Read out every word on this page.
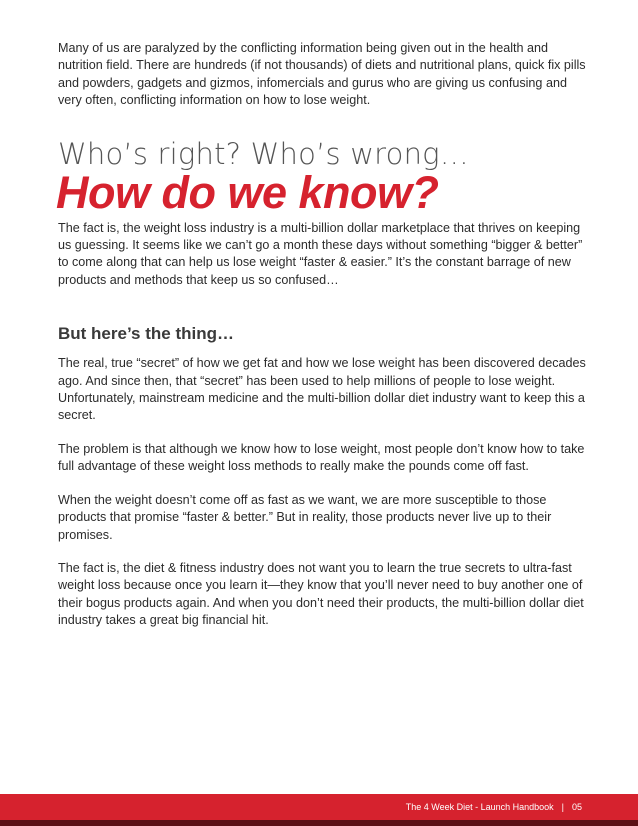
Many of us are paralyzed by the conflicting information being given out in the health and nutrition field. There are hundreds (if not thousands) of diets and nutritional plans, quick fix pills and powders, gadgets and gizmos, infomercials and gurus who are giving us confusing and very often, conflicting information on how to lose weight.

Who’s right? Who’s wrong…
How do we know?

The fact is, the weight loss industry is a multi-billion dollar marketplace that thrives on keeping us guessing. It seems like we can’t go a month these days without something “bigger & better” to come along that can help us lose weight “faster & easier.” It’s the constant barrage of new products and methods that keep us so confused…

But here’s the thing…

The real, true “secret” of how we get fat and how we lose weight has been discovered decades ago. And since then, that “secret” has been used to help millions of people to lose weight. Unfortunately, mainstream medicine and the multi-billion dollar diet industry want to keep this a secret.

The problem is that although we know how to lose weight, most people don’t know how to take full advantage of these weight loss methods to really make the pounds come off fast.

When the weight doesn’t come off as fast as we want, we are more susceptible to those products that promise “faster & better.” But in reality, those products never live up to their promises.

The fact is, the diet & fitness industry does not want you to learn the true secrets to ultra-fast weight loss because once you learn it—they know that you’ll never need to buy another one of their bogus products again. And when you don’t need their products, the multi-billion dollar diet industry takes a great big financial hit.

The 4 Week Diet - Launch Handbook | 05
